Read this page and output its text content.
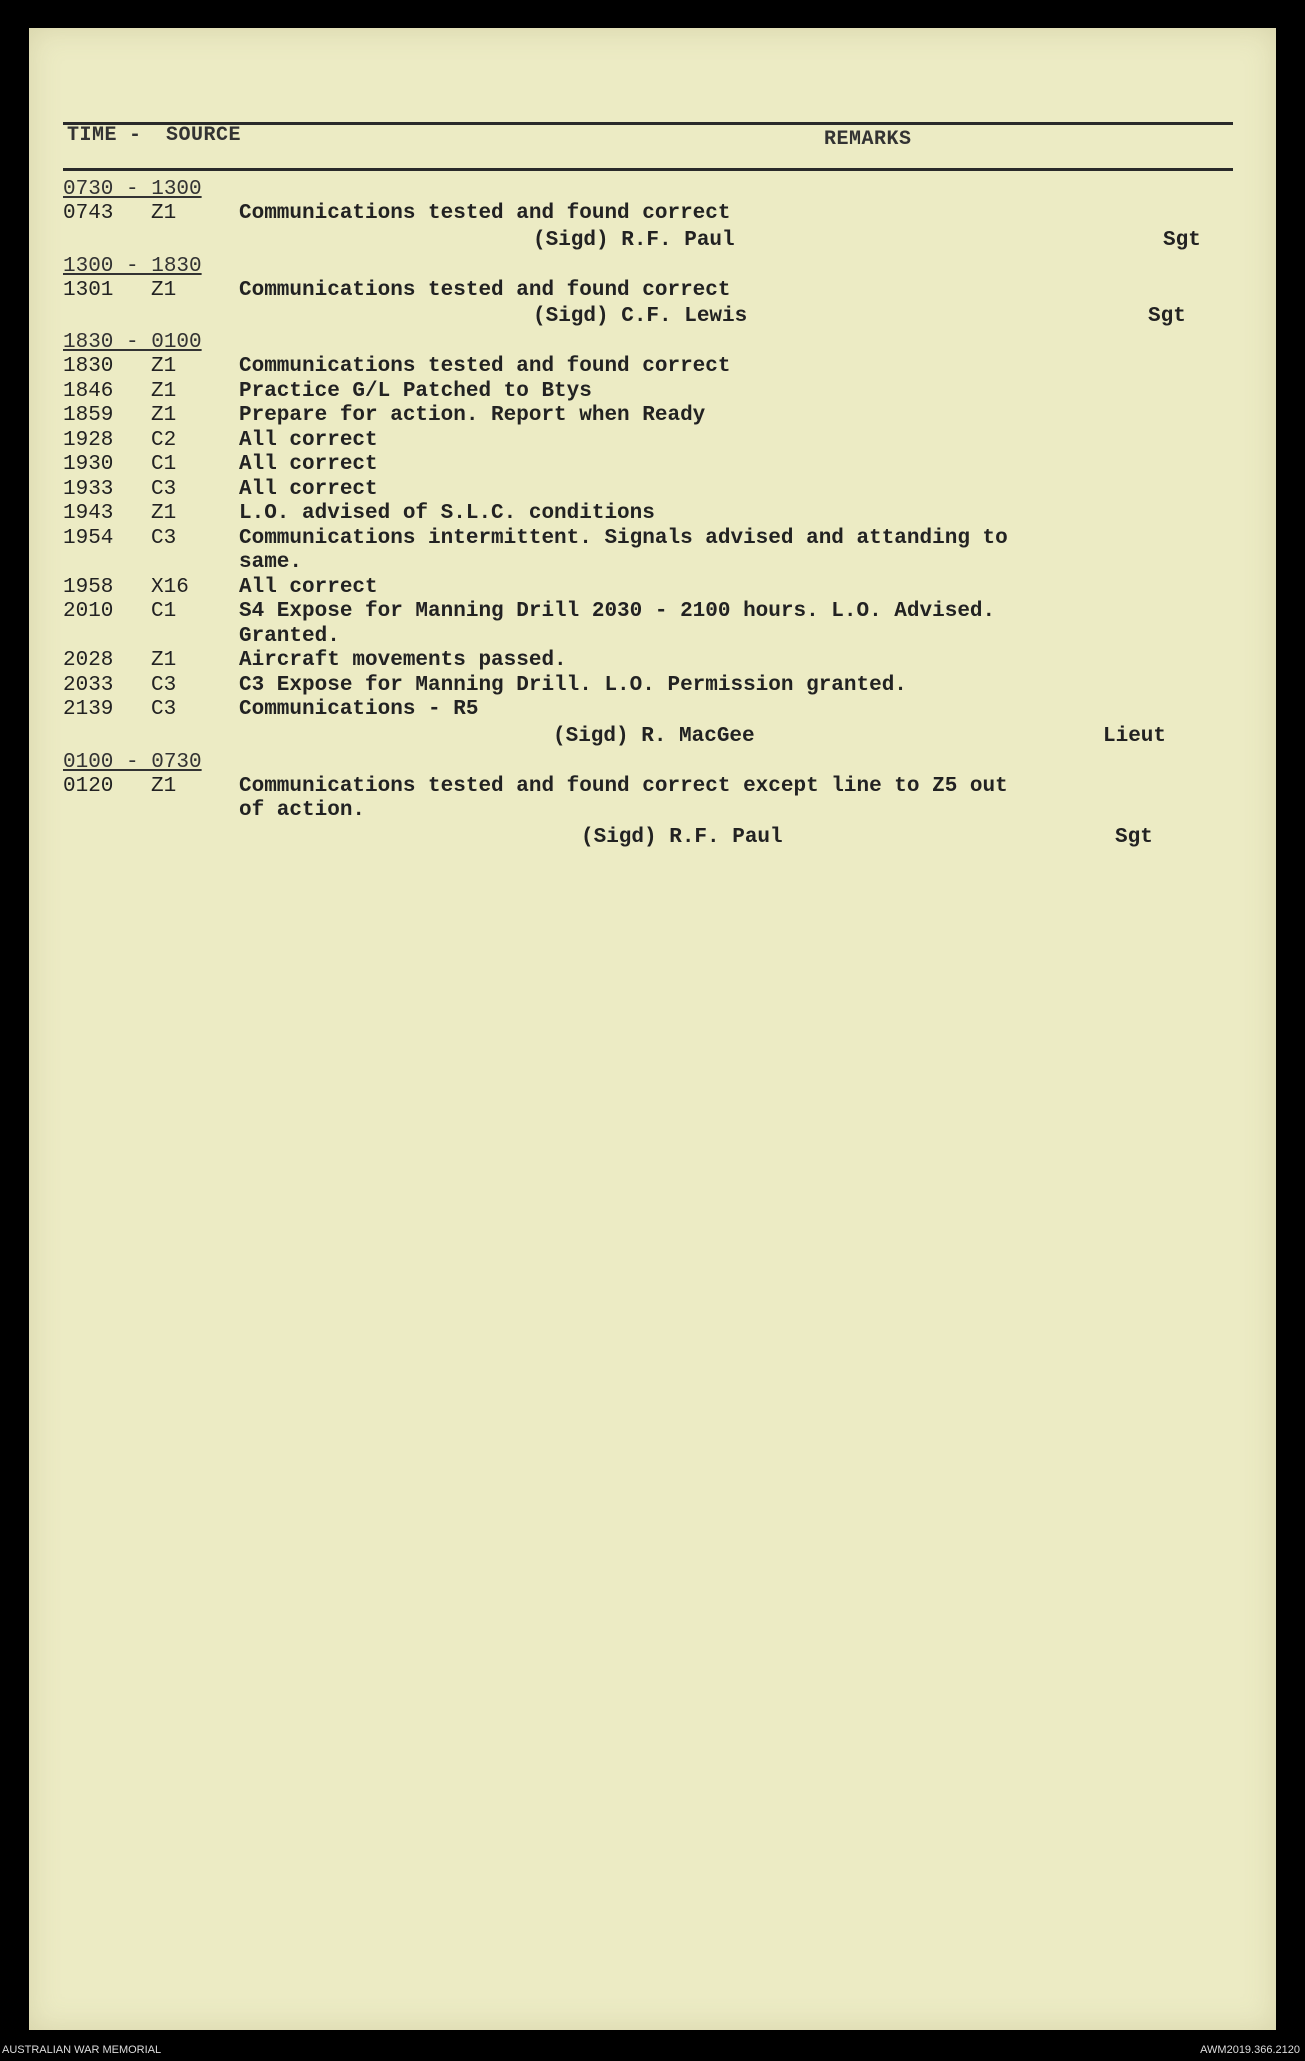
TIME - SOURCE	REMARKS
0730 - 1300
0743	Z1	Communications tested and found correct
(Sigd) R.F. Paul	Sgt
1300 - 1830
1301	Z1	Communications tested and found correct
(Sigd) C.F. Lewis	Sgt
1830 - 0100
1830	Z1	Communications tested and found correct
1846	Z1	Practice G/L Patched to Btys
1859	Z1	Prepare for action. Report when Ready
1928	C2	All correct
1930	C1	All correct
1933	C3	All correct
1943	Z1	L.O. advised of S.L.C. conditions
1954	C3	Communications intermittent. Signals advised and attanding to
same.
1958	X16	All correct
2010	C1	S4 Expose for Manning Drill 2030 - 2100 hours. L.O. Advised.
Granted.
2028	Z1	Aircraft movements passed.
2033	C3	C3 Expose for Manning Drill. L.O. Permission granted.
2139	C3	Communications - R5
(Sigd) R. MacGee	Lieut
0100 - 0730
0120	Z1	Communications tested and found correct except line to Z5 out
of action.
(Sigd) R.F. Paul	Sgt
AUSTRALIAN WAR MEMORIAL	AWM2019.366.2120
